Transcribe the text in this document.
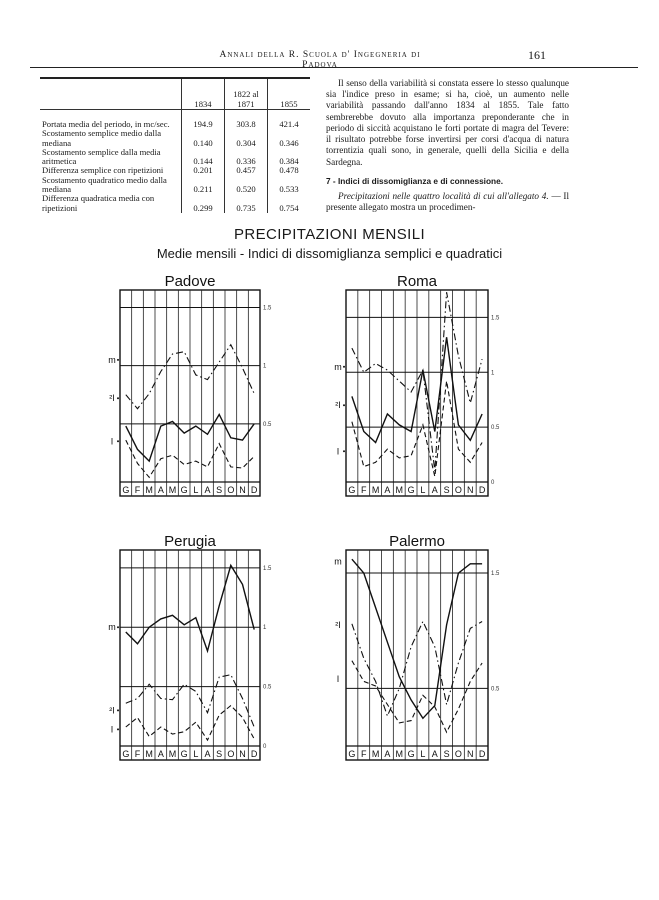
Annali della R. Scuola d' Ingegneria di Padova
161
	1834	1822 al 1871	1855
Portata media del periodo, in mc/sec.	194.9	303.8	421.4
Scostamento semplice medio dalla mediana	0.140	0.304	0.346
Scostamento semplice dalla media aritmetica	0.144	0.336	0.384
Differenza semplice con ripetizioni	0.201	0.457	0.478
Scostamento quadratico medio dalla mediana	0.211	0.520	0.533
Differenza quadratica media con ripetizioni	0.299	0.735	0.754

Il senso della variabilità si constata essere lo stesso qualunque sia l'indice preso in esame; si ha, cioè, un aumento nelle variabilità passando dall'anno 1834 al 1855. Tale fatto sembrerebbe dovuto alla importanza preponderante che in periodo di siccità acquistano le forti portate di magra del Tevere: il risultato potrebbe forse invertirsi per corsi d'acqua di natura torrentizia quali sono, in generale, quelli della Sicilia e della Sardegna.

7 - Indici di dissomiglianza e di connessione.

Precipitazioni nelle quattro località di cui all'allegato 4. — Il presente allegato mostra un procedimen-

PRECIPITAZIONI MENSILI
Medie mensili - Indici di dissomiglianza semplici e quadratici
Padove
0.5
1
1.5
G F M A M G L A S O N D
m
²I
I
Roma
0
0.5
1
1.5
G F M A M G L A S O N D
m
²I
I
Perugia
0
0.5
1
1.5
G F M A M G L A S O N D
m
²I
I
Palermo
0.5
1.5
G F M A M G L A S O N D
m
²I
I
